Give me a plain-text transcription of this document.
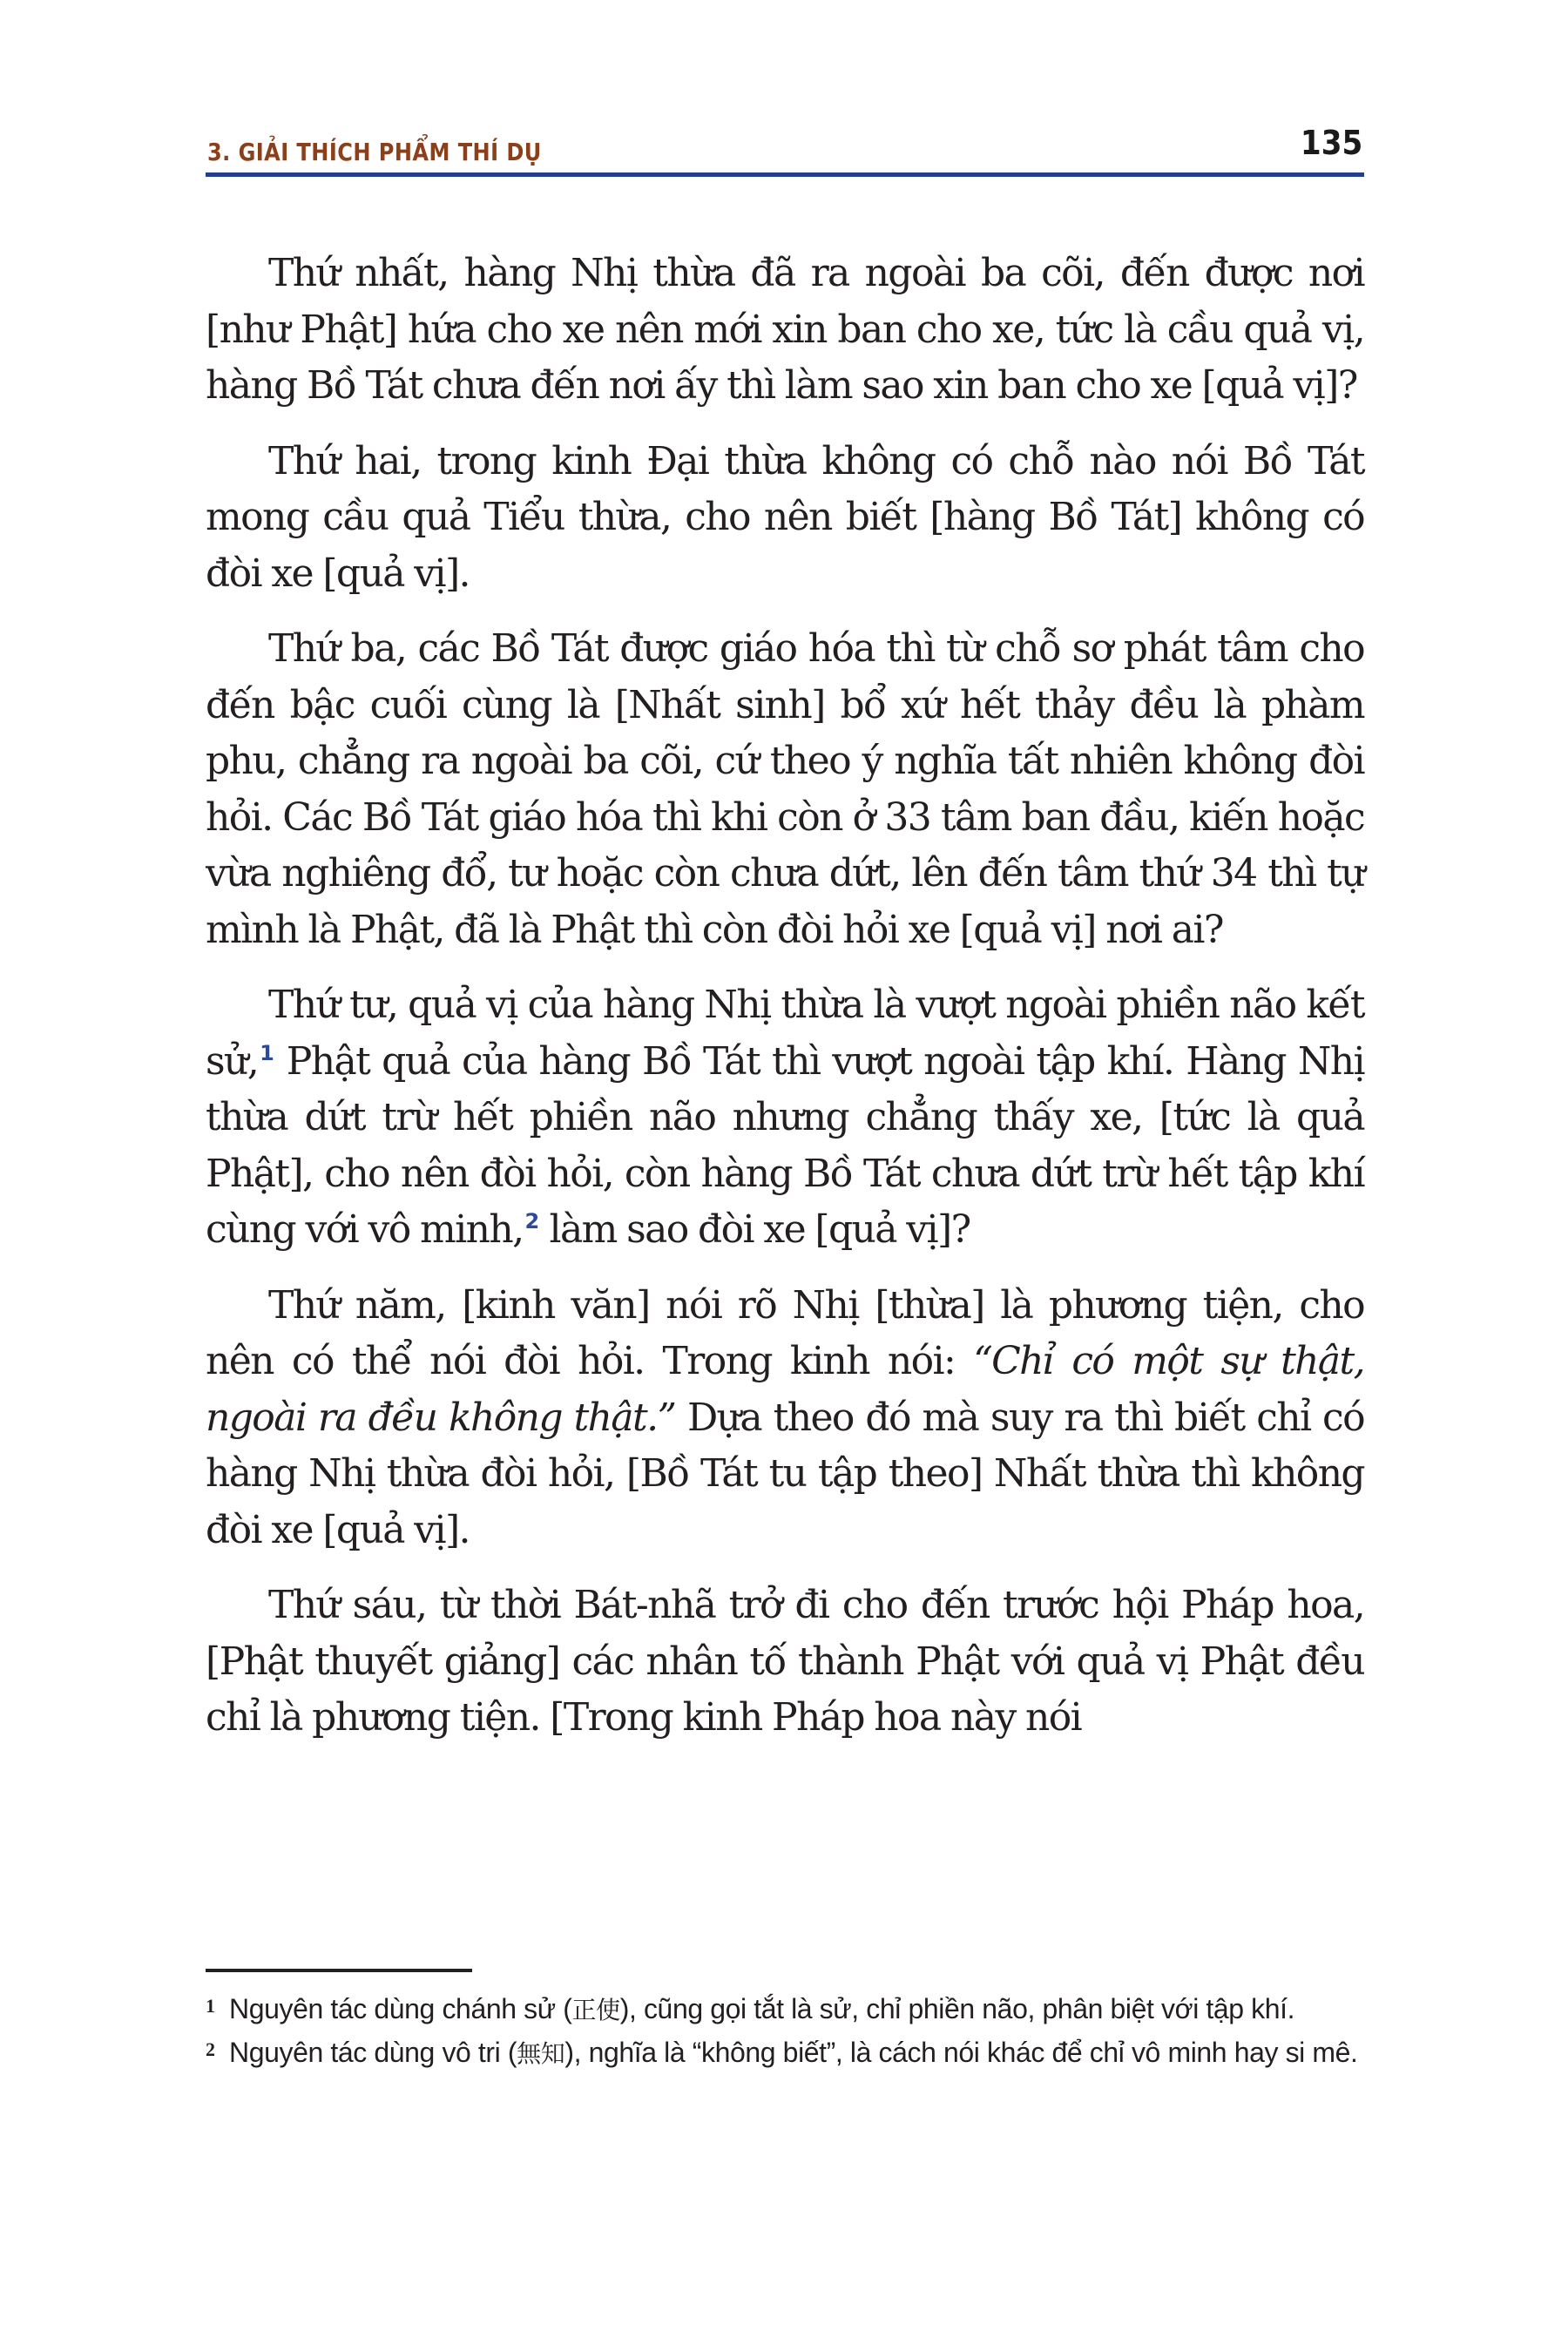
3. GIẢI THÍCH PHẨM THÍ DỤ	135

Thứ nhất, hàng Nhị thừa đã ra ngoài ba cõi, đến được nơi [như Phật] hứa cho xe nên mới xin ban cho xe, tức là cầu quả vị, hàng Bồ Tát chưa đến nơi ấy thì làm sao xin ban cho xe [quả vị]?

Thứ hai, trong kinh Đại thừa không có chỗ nào nói Bồ Tát mong cầu quả Tiểu thừa, cho nên biết [hàng Bồ Tát] không có đòi xe [quả vị].

Thứ ba, các Bồ Tát được giáo hóa thì từ chỗ sơ phát tâm cho đến bậc cuối cùng là [Nhất sinh] bổ xứ hết thảy đều là phàm phu, chẳng ra ngoài ba cõi, cứ theo ý nghĩa tất nhiên không đòi hỏi. Các Bồ Tát giáo hóa thì khi còn ở 33 tâm ban đầu, kiến hoặc vừa nghiêng đổ, tư hoặc còn chưa dứt, lên đến tâm thứ 34 thì tự mình là Phật, đã là Phật thì còn đòi hỏi xe [quả vị] nơi ai?

Thứ tư, quả vị của hàng Nhị thừa là vượt ngoài phiền não kết sử,$^1$ Phật quả của hàng Bồ Tát thì vượt ngoài tập khí. Hàng Nhị thừa dứt trừ hết phiền não nhưng chẳng thấy xe, [tức là quả Phật], cho nên đòi hỏi, còn hàng Bồ Tát chưa dứt trừ hết tập khí cùng với vô minh,$^2$ làm sao đòi xe [quả vị]?

Thứ năm, [kinh văn] nói rõ Nhị [thừa] là phương tiện, cho nên có thể nói đòi hỏi. Trong kinh nói: “Chỉ có một sự thật, ngoài ra đều không thật.” Dựa theo đó mà suy ra thì biết chỉ có hàng Nhị thừa đòi hỏi, [Bồ Tát tu tập theo] Nhất thừa thì không đòi xe [quả vị].

Thứ sáu, từ thời Bát-nhã trở đi cho đến trước hội Pháp hoa, [Phật thuyết giảng] các nhân tố thành Phật với quả vị Phật đều chỉ là phương tiện. [Trong kinh Pháp hoa này nói

1 Nguyên tác dùng chánh sử (正使), cũng gọi tắt là sử, chỉ phiền não, phân biệt với tập khí.
2 Nguyên tác dùng vô tri (無知), nghĩa là “không biết”, là cách nói khác để chỉ vô minh hay si mê.
